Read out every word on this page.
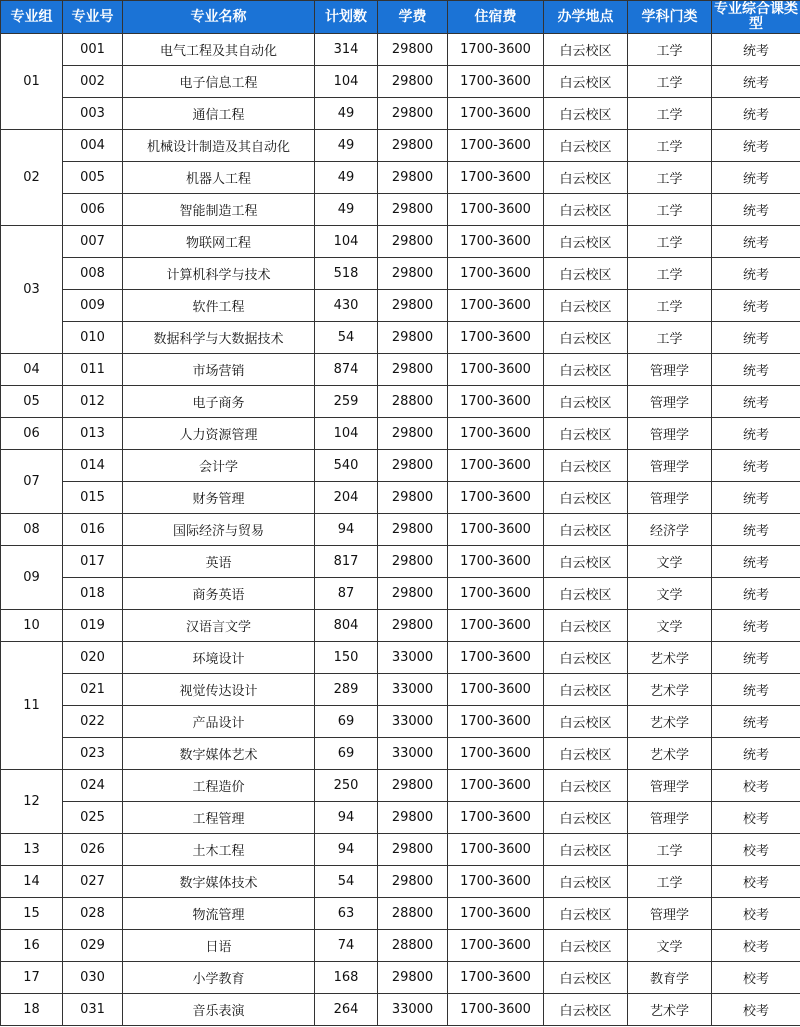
专业组	专业号	专业名称	计划数	学费	住宿费	办学地点	学科门类	专业综合课类型
01	001	电气工程及其自动化	314	29800	1700-3600	白云校区	工学	统考
	002	电子信息工程	104	29800	1700-3600	白云校区	工学	统考
	003	通信工程	49	29800	1700-3600	白云校区	工学	统考
02	004	机械设计制造及其自动化	49	29800	1700-3600	白云校区	工学	统考
	005	机器人工程	49	29800	1700-3600	白云校区	工学	统考
	006	智能制造工程	49	29800	1700-3600	白云校区	工学	统考
03	007	物联网工程	104	29800	1700-3600	白云校区	工学	统考
	008	计算机科学与技术	518	29800	1700-3600	白云校区	工学	统考
	009	软件工程	430	29800	1700-3600	白云校区	工学	统考
	010	数据科学与大数据技术	54	29800	1700-3600	白云校区	工学	统考
04	011	市场营销	874	29800	1700-3600	白云校区	管理学	统考
05	012	电子商务	259	28800	1700-3600	白云校区	管理学	统考
06	013	人力资源管理	104	29800	1700-3600	白云校区	管理学	统考
07	014	会计学	540	29800	1700-3600	白云校区	管理学	统考
	015	财务管理	204	29800	1700-3600	白云校区	管理学	统考
08	016	国际经济与贸易	94	29800	1700-3600	白云校区	经济学	统考
09	017	英语	817	29800	1700-3600	白云校区	文学	统考
	018	商务英语	87	29800	1700-3600	白云校区	文学	统考
10	019	汉语言文学	804	29800	1700-3600	白云校区	文学	统考
11	020	环境设计	150	33000	1700-3600	白云校区	艺术学	统考
	021	视觉传达设计	289	33000	1700-3600	白云校区	艺术学	统考
	022	产品设计	69	33000	1700-3600	白云校区	艺术学	统考
	023	数字媒体艺术	69	33000	1700-3600	白云校区	艺术学	统考
12	024	工程造价	250	29800	1700-3600	白云校区	管理学	校考
	025	工程管理	94	29800	1700-3600	白云校区	管理学	校考
13	026	土木工程	94	29800	1700-3600	白云校区	工学	校考
14	027	数字媒体技术	54	29800	1700-3600	白云校区	工学	校考
15	028	物流管理	63	28800	1700-3600	白云校区	管理学	校考
16	029	日语	74	28800	1700-3600	白云校区	文学	校考
17	030	小学教育	168	29800	1700-3600	白云校区	教育学	校考
18	031	音乐表演	264	33000	1700-3600	白云校区	艺术学	校考
